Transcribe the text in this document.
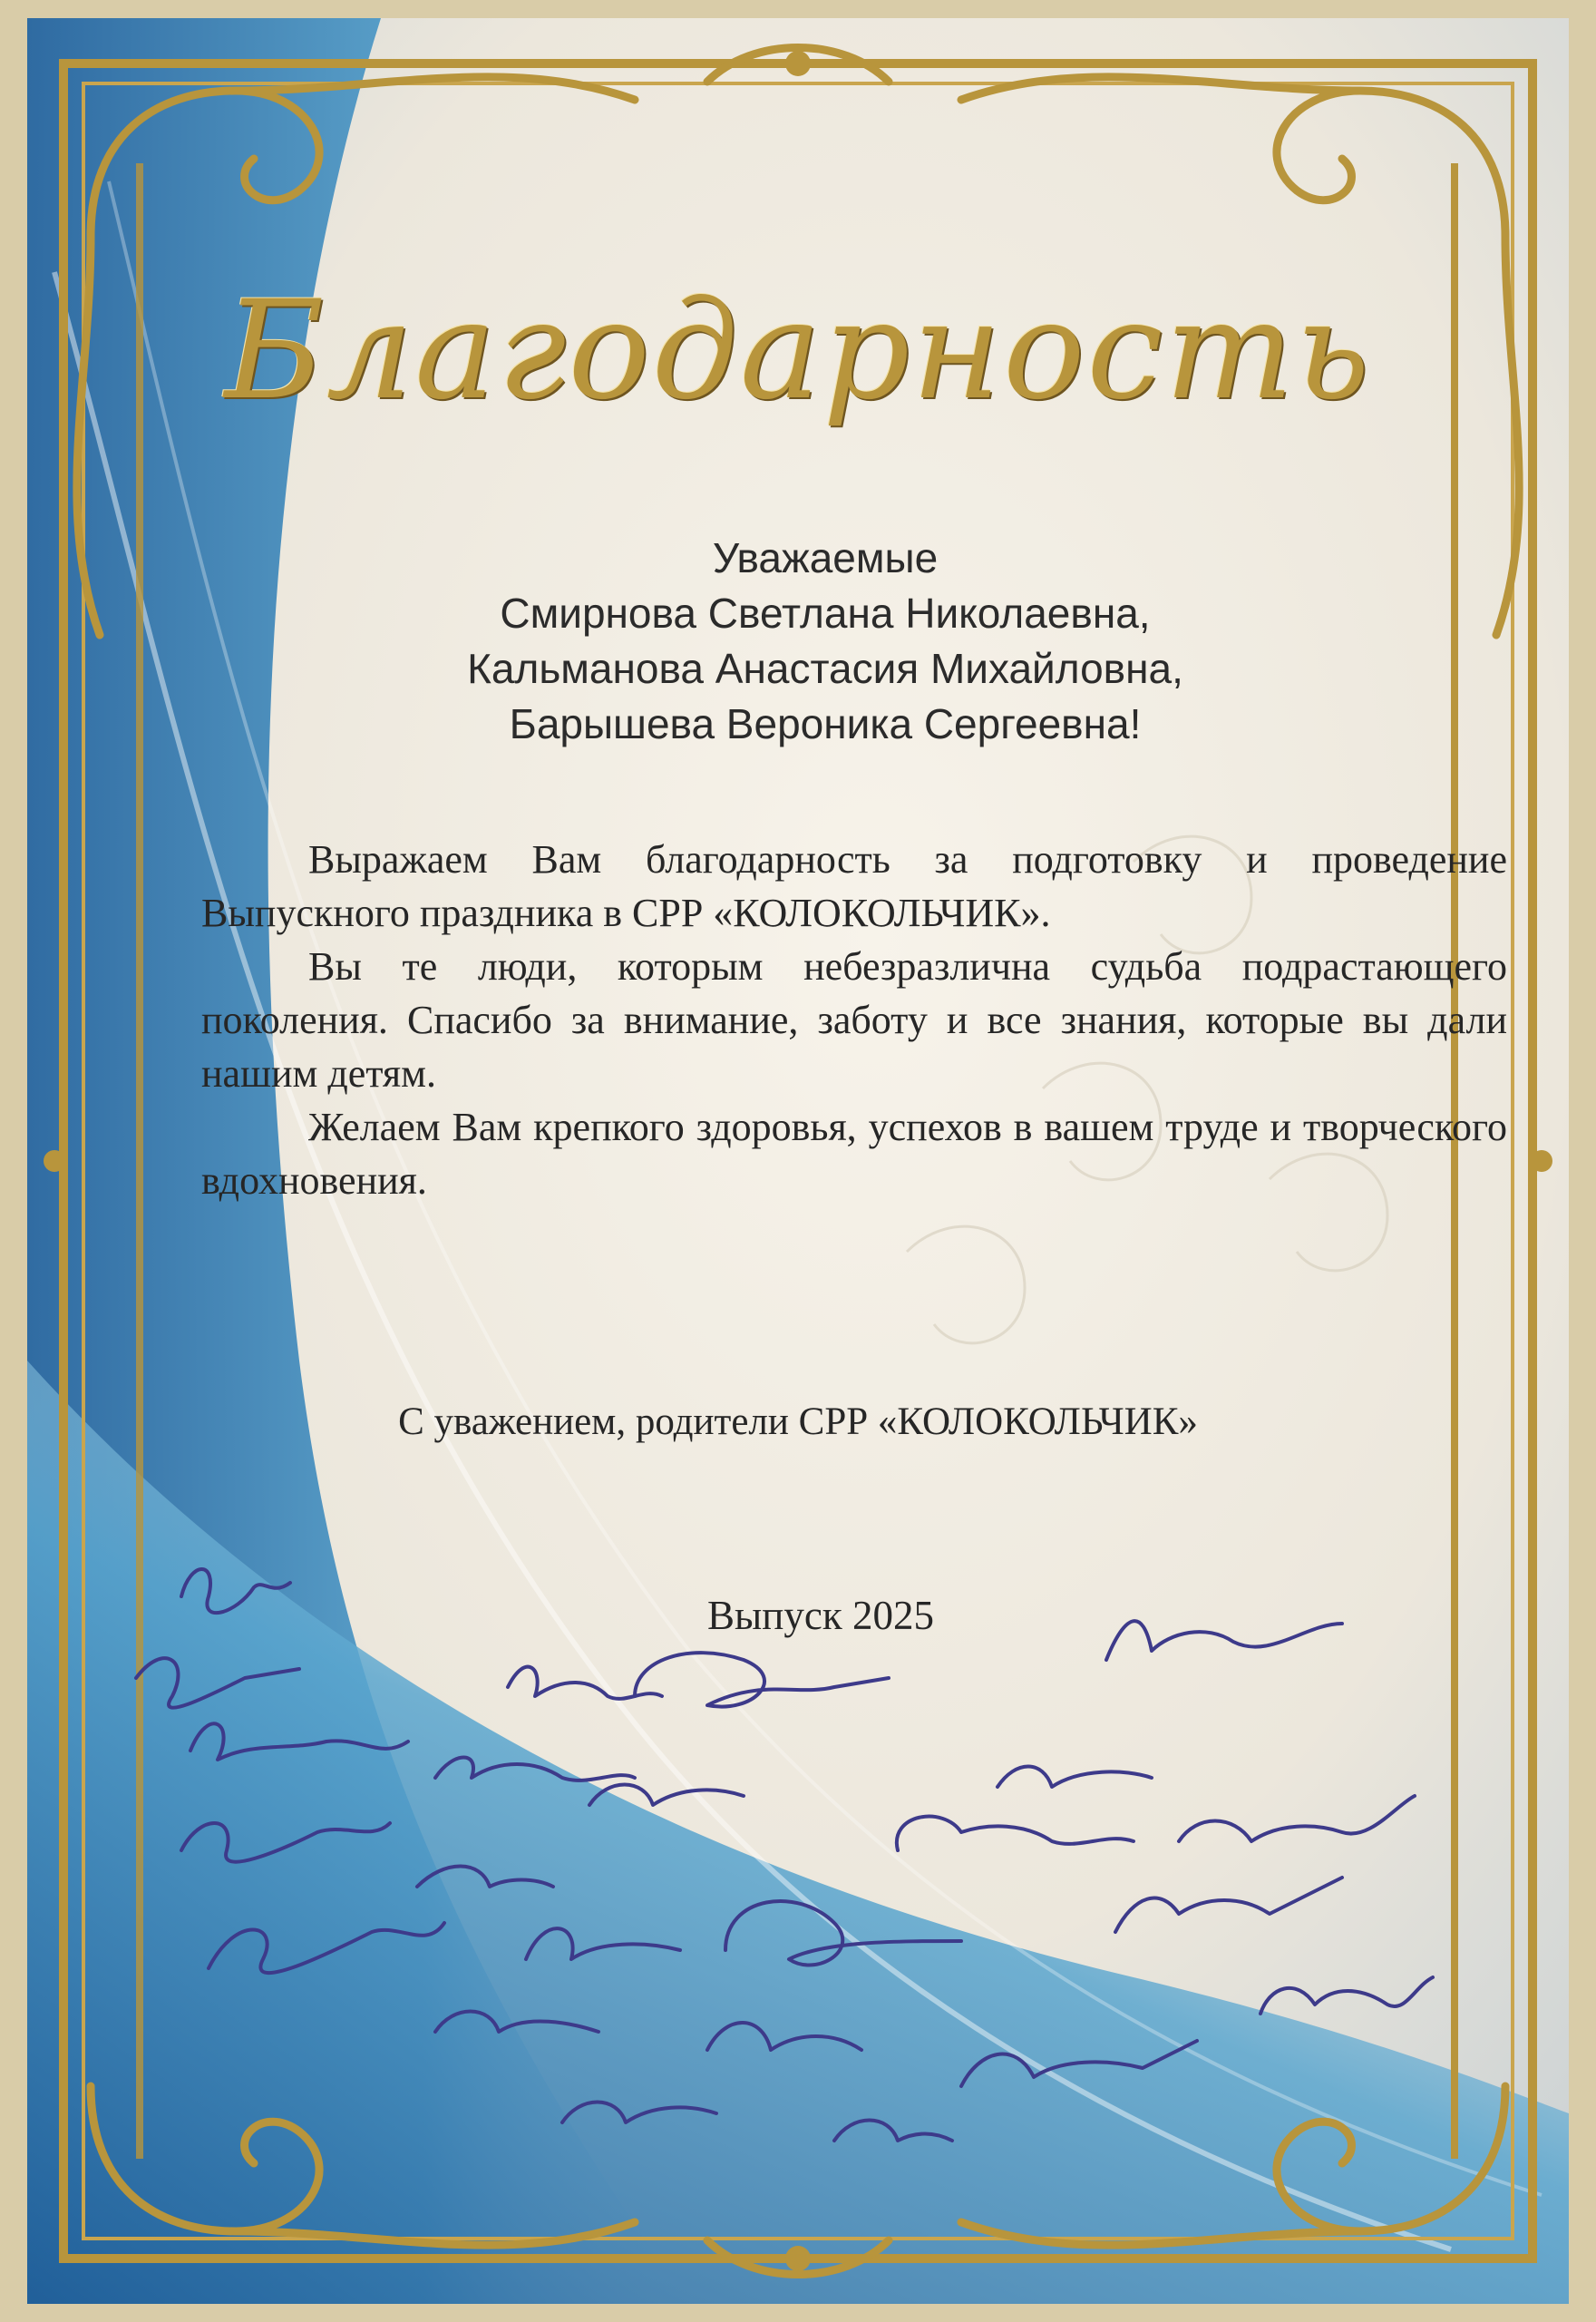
Благодарность
Уважаемые
Смирнова Светлана Николаевна,
Кальманова Анастасия Михайловна,
Барышева Вероника Сергеевна!

Выражаем Вам благодарность за подготовку и проведение Выпускного праздника в СРР «КОЛОКОЛЬЧИК».

Вы те люди, которым небезразлична судьба подрастающего поколения. Спасибо за внимание, заботу и все знания, которые вы дали нашим детям.

Желаем Вам крепкого здоровья, успехов в вашем труде и творческого вдохновения.

С уважением, родители СРР «КОЛОКОЛЬЧИК»
Выпуск 2025
